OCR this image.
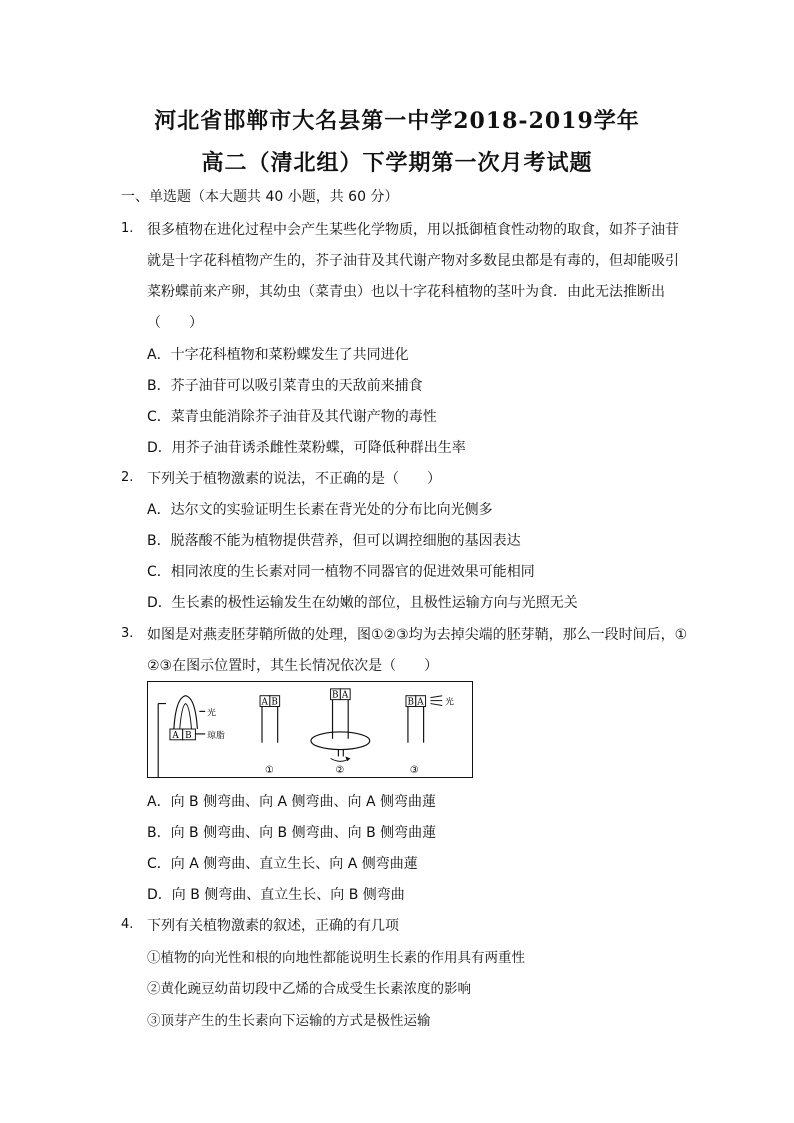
河北省邯郸市大名县第一中学2018-2019学年
高二（清北组）下学期第一次月考试题
一、单选题（本大题共 40 小题，共 60 分）
1. 很多植物在进化过程中会产生某些化学物质，用以抵御植食性动物的取食，如芥子油苷
就是十字花科植物产生的，芥子油苷及其代谢产物对多数昆虫都是有毒的，但却能吸引
菜粉蝶前来产卵，其幼虫（菜青虫）也以十字花科植物的茎叶为食．由此无法推断出
（　　）
A．十字花科植物和菜粉蝶发生了共同进化
B．芥子油苷可以吸引菜青虫的天敌前来捕食
C．菜青虫能消除芥子油苷及其代谢产物的毒性
D．用芥子油苷诱杀雌性菜粉蝶，可降低种群出生率
2. 下列关于植物激素的说法，不正确的是（　　）
A．达尔文的实验证明生长素在背光处的分布比向光侧多
B．脱落酸不能为植物提供营养，但可以调控细胞的基因表达
C．相同浓度的生长素对同一植物不同器官的促进效果可能相同
D．生长素的极性运输发生在幼嫩的部位，且极性运输方向与光照无关
3. 如图是对燕麦胚芽鞘所做的处理，图①②③均为去掉尖端的胚芽鞘，那么一段时间后，①
②③在图示位置时，其生长情况依次是（　　）
光
A B 琼脂
A B
①
B A
②
B A 光
③
A．向 B 侧弯曲、向 A 侧弯曲、向 A 侧弯曲蓮
B．向 B 侧弯曲、向 B 侧弯曲、向 B 侧弯曲蓮
C．向 A 侧弯曲、直立生长、向 A 侧弯曲蓮
D．向 B 侧弯曲、直立生长、向 B 侧弯曲
4. 下列有关植物激素的叙述，正确的有几项
①植物的向光性和根的向地性都能说明生长素的作用具有两重性
②黄化豌豆幼苗切段中乙烯的合成受生长素浓度的影响
③顶芽产生的生长素向下运输的方式是极性运输
